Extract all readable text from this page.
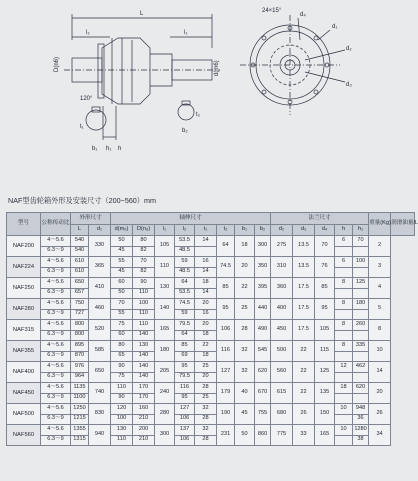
L
l₂	l₁
D(n6)	d(m6)
120°
t₁
b₁
t₂
b₂
h₁ h
24×15°
d₁
d₂
d₃
d₄
NAF型齿轮箱外形及安装尺寸（200~560）mm
型号	公称传动比	外形尺寸		轴伸尺寸								法兰尺寸					重量(Kg)	润滑油量/L
		L	d₁	d(m₆)	D(n₆)	l₁	l₂	t₁	t₂	b₁	b₂	d₂	d₃	d₄	h	h₁		
NAF200	4～5.6	540	330	50	80	105	53.5	14	64	18	300	275	13.5	70	6	70	2	
	6.3～9	540		45	82		48.5											
NAF224	4～5.6	610	365	55	70	110	59	16	74.5	20	350	310	13.5	76	6	100	3	
	6.3～9	610		45	82		48.5	14										
NAF250	4～5.6	650	410	60	90	130	64	18	85	22	395	360	17.5	85	8	125	4	
	6.3～9	657		50	110		53.5	14										
NAF280	4～5.6	750	460	70	100	140	74.5	20	95	25	440	400	17.5	95	8	180	5	
	6.3～9	727		55	110		59	16										
NAF315	4～5.6	800	520	75	110	165	79.5	20	106	28	490	450	17.5	105	8	260	8	
	6.3～9	800		60	140		64	18										
NAF355	4～5.6	895	585	80	130	180	85	22	116	32	545	500	22	115	8	335	10	
	6.3～9	870		65	140		69	18										
NAF400	4～5.6	976	650	90	140	205	95	25	127	32	620	560	22	125	12	462	14	
	6.3～9	964		75	140		79.5	20										
NAF450	4～5.6	1135	740	110	170	240	116	28	179	40	670	615	22	135	18	620	20	
	6.3～9	1100		90	170		95	25										
NAF500	4～5.6	1250	830	120	160	280	127	32	190	45	755	680	26	150	10	948	26	
	6.3～9	1215		100	210		106	28								36		
NAF560	4～5.6	1355	940	130	200	300	137	32	231	50	860	775	33	165	10	1280	34	
	6.3～9	1315		110	210		106	28								38		
